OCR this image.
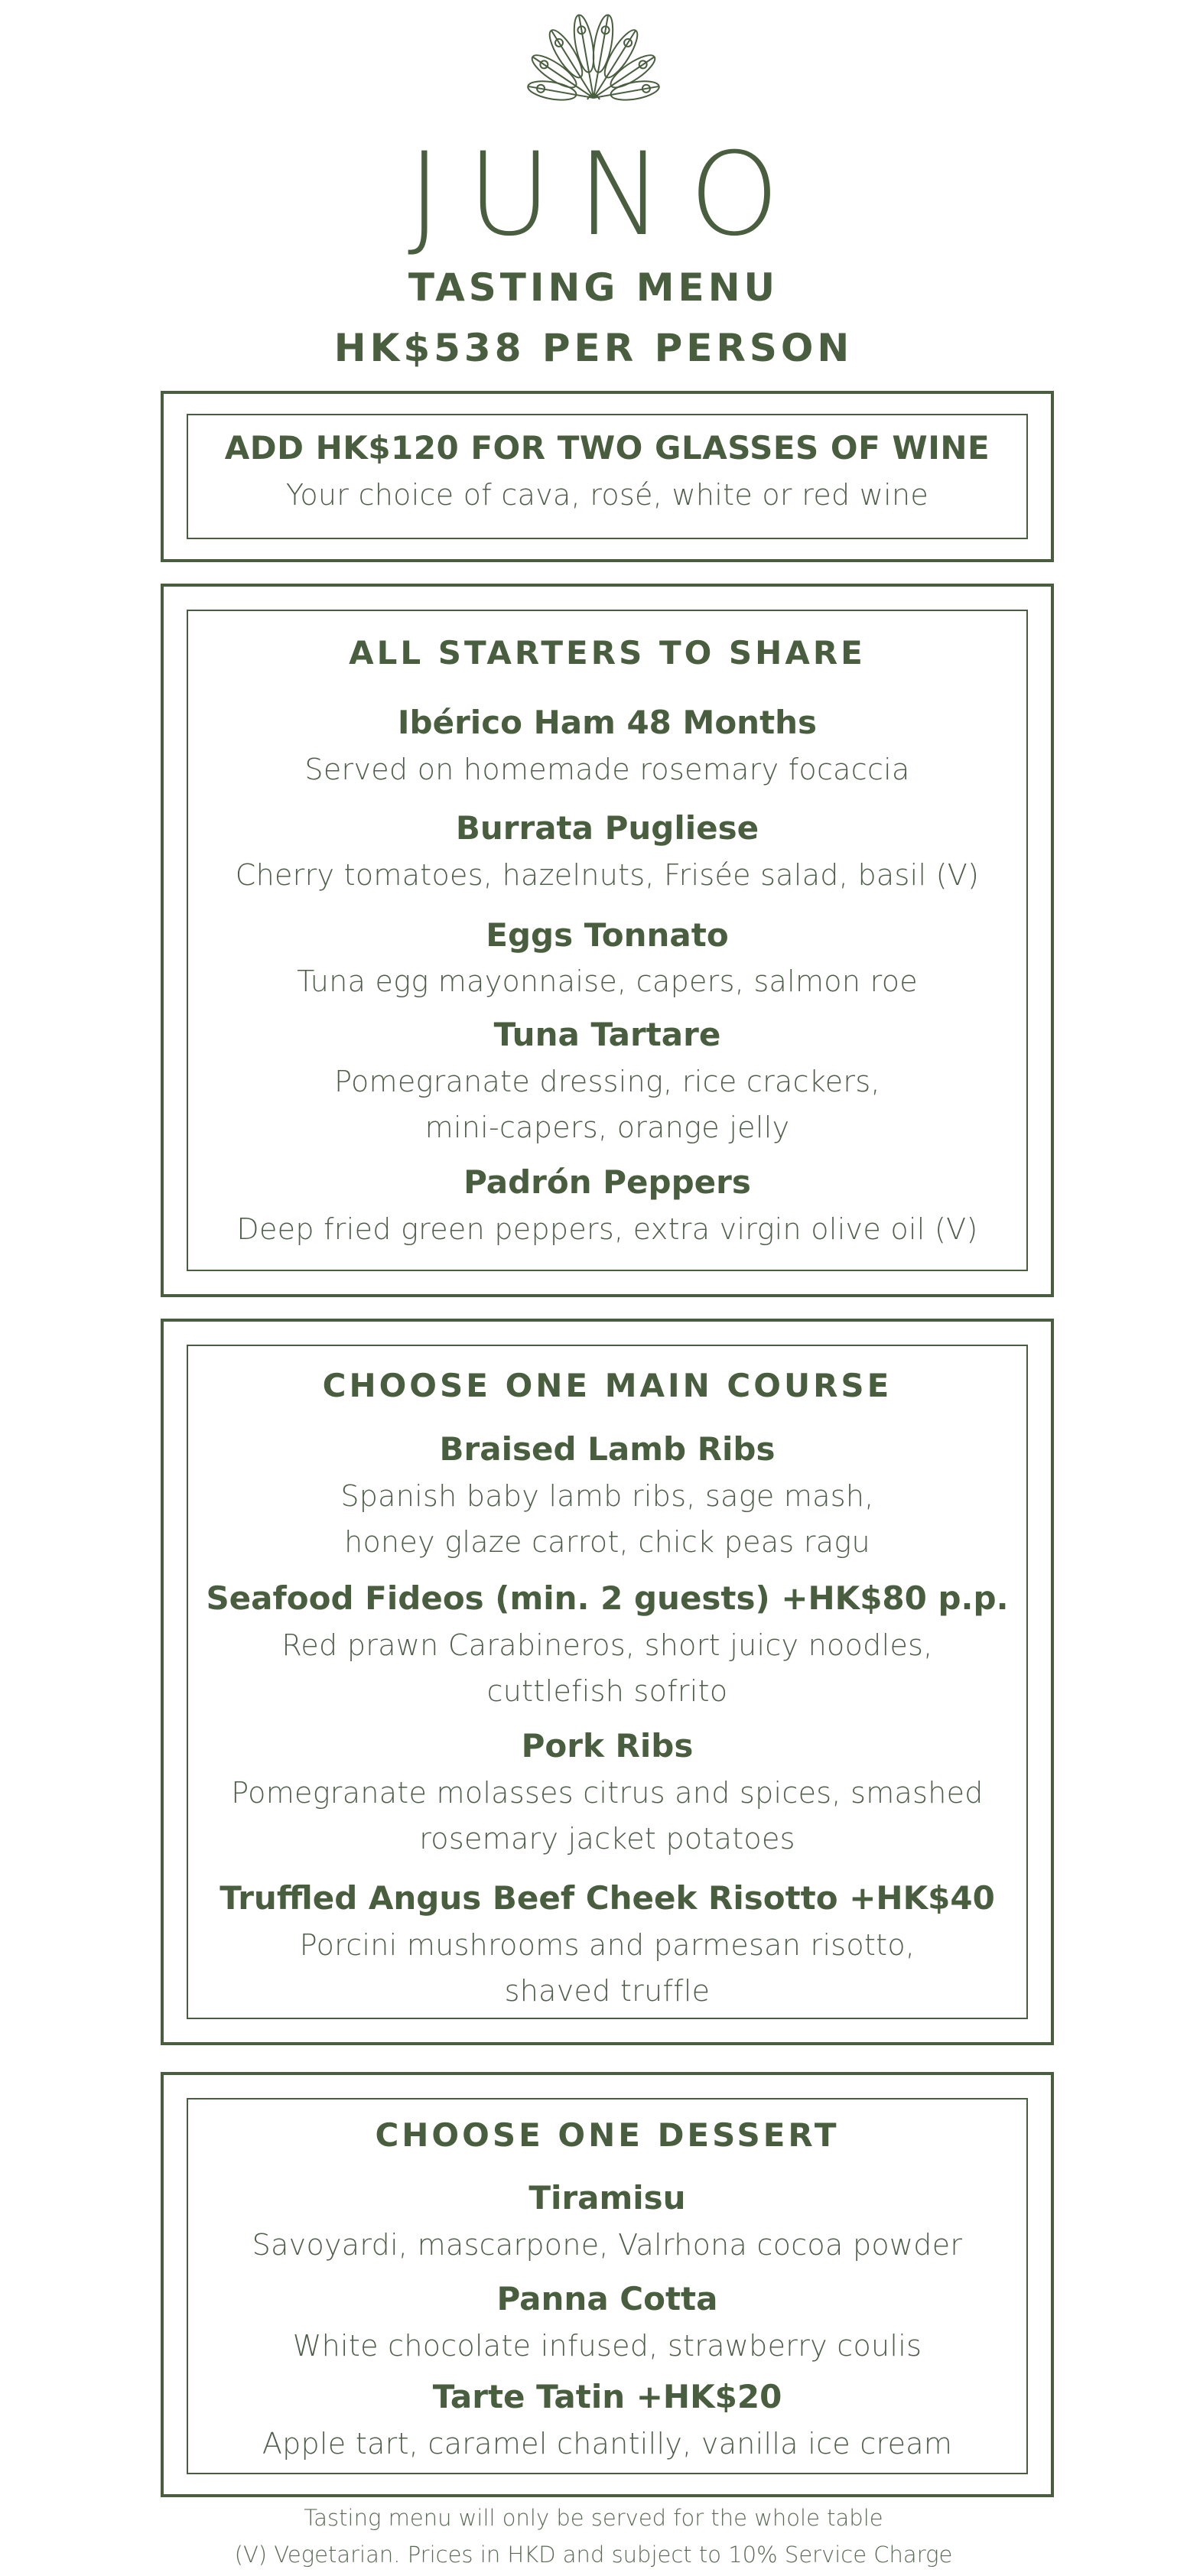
JUNO
TASTING MENU
HK$538 PER PERSON
ADD HK$120 FOR TWO GLASSES OF WINE
Your choice of cava, rosé, white or red wine
ALL STARTERS TO SHARE
Ibérico Ham 48 Months
Served on homemade rosemary focaccia
Burrata Pugliese
Cherry tomatoes, hazelnuts, Frisée salad, basil (V)
Eggs Tonnato
Tuna egg mayonnaise, capers, salmon roe
Tuna Tartare
Pomegranate dressing, rice crackers,
mini-capers, orange jelly
Padrón Peppers
Deep fried green peppers, extra virgin olive oil (V)
CHOOSE ONE MAIN COURSE
Braised Lamb Ribs
Spanish baby lamb ribs, sage mash,
honey glaze carrot, chick peas ragu
Seafood Fideos (min. 2 guests) +HK$80 p.p.
Red prawn Carabineros, short juicy noodles,
cuttlefish sofrito
Pork Ribs
Pomegranate molasses citrus and spices, smashed
rosemary jacket potatoes
Truffled Angus Beef Cheek Risotto +HK$40
Porcini mushrooms and parmesan risotto,
shaved truffle
CHOOSE ONE DESSERT
Tiramisu
Savoyardi, mascarpone, Valrhona cocoa powder
Panna Cotta
White chocolate infused, strawberry coulis
Tarte Tatin +HK$20
Apple tart, caramel chantilly, vanilla ice cream
Tasting menu will only be served for the whole table
(V) Vegetarian. Prices in HKD and subject to 10% Service Charge
